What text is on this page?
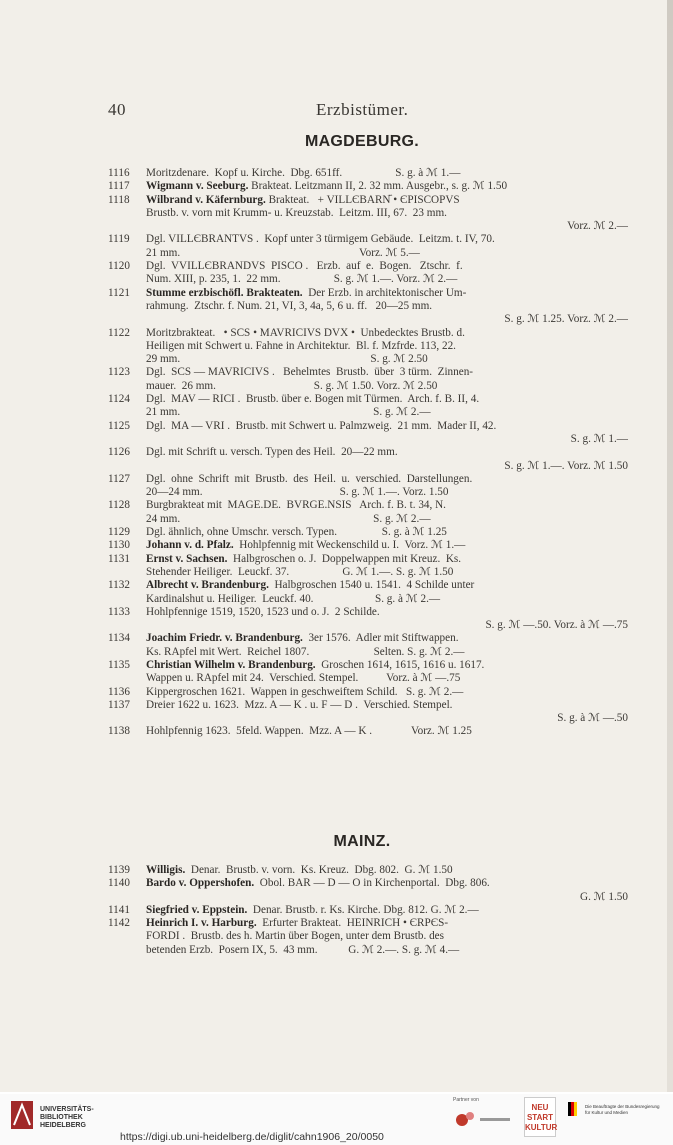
40	Erzbistümer.
MAGDEBURG.
1116 Moritzdenare.  Kopf u. Kirche.  Dbg. 651ff.                   S. g. à ℳ 1.—
1117 Wigmann v. Seeburg. Brakteat. Leitzmann II, 2. 32 mm. Ausgebr., s. g. ℳ 1.50
1118 Wilbrand v. Käfernburg. Brakteat.   + VILLЄBARN᷈ • ЄPISCOPVS
Brustb. v. vorn mit Krumm- u. Kreuzstab.  Leitzm. III, 67.  23 mm.
Vorz. ℳ 2.—
1119 Dgl. VILLЄBRANTVS .  Kopf unter 3 türmigem Gebäude.  Leitzm. t. IV, 70.
21 mm.                                                                Vorz. ℳ 5.—
1120 Dgl.  VVILLЄBRANDVS  PISCO .   Erzb.  auf  e.  Bogen.   Ztschr.  f.
Num. XIII, p. 235, 1.  22 mm.                   S. g. ℳ 1.—. Vorz. ℳ 2.—
1121 Stumme erzbischöfl. Brakteaten.  Der Erzb. in architektonischer Um-
rahmung.  Ztschr. f. Num. 21, VI, 3, 4a, 5, 6 u. ff.   20—25 mm.
S. g. ℳ 1.25. Vorz. ℳ 2.—
1122 Moritzbrakteat.   • SCS • MAVRICIVS DVX •  Unbedecktes Brustb. d.
Heiligen mit Schwert u. Fahne in Architektur.  Bl. f. Mzfrde. 113, 22.
29 mm.                                                                    S. g. ℳ 2.50
1123 Dgl.  SCS — MAVRICIVS .   Behelmtes  Brustb.  über  3 türm.  Zinnen-
mauer.  26 mm.                                   S. g. ℳ 1.50. Vorz. ℳ 2.50
1124 Dgl.  MAV — RICI .  Brustb. über e. Bogen mit Türmen.  Arch. f. B. II, 4.
21 mm.                                                                     S. g. ℳ 2.—
1125 Dgl.  MA — VRI .  Brustb. mit Schwert u. Palmzweig.  21 mm.  Mader II, 42.
S. g. ℳ 1.—
1126 Dgl. mit Schrift u. versch. Typen des Heil.  20—22 mm.
S. g. ℳ 1.—. Vorz. ℳ 1.50
1127 Dgl.  ohne  Schrift  mit  Brustb.  des  Heil.  u.  verschied.  Darstellungen.
20—24 mm.                                                 S. g. ℳ 1.—. Vorz. 1.50
1128 Burgbrakteat mit  MAGE.DE.  BVRGE.NSIS   Arch. f. B. t. 34, N.
24 mm.                                                                     S. g. ℳ 2.—
1129 Dgl. ähnlich, ohne Umschr. versch. Typen.                S. g. à ℳ 1.25
1130 Johann v. d. Pfalz.  Hohlpfennig mit Weckenschild u. I.  Vorz. ℳ 1.—
1131 Ernst v. Sachsen.  Halbgroschen o. J.  Doppelwappen mit Kreuz.  Ks.
Stehender Heiliger.  Leuckf. 37.                   G. ℳ 1.—. S. g. ℳ 1.50
1132 Albrecht v. Brandenburg.  Halbgroschen 1540 u. 1541.  4 Schilde unter
Kardinalshut u. Heiliger.  Leuckf. 40.                      S. g. à ℳ 2.—
1133 Hohlpfennige 1519, 1520, 1523 und o. J.  2 Schilde.
S. g. ℳ —.50. Vorz. à ℳ —.75
1134 Joachim Friedr. v. Brandenburg.  3er 1576.  Adler mit Stiftwappen.
Ks. RApfel mit Wert.  Reichel 1807.                       Selten. S. g. ℳ 2.—
1135 Christian Wilhelm v. Brandenburg.  Groschen 1614, 1615, 1616 u. 1617.
Wappen u. RApfel mit 24.  Verschied. Stempel.          Vorz. à ℳ —.75
1136 Kippergroschen 1621.  Wappen in geschweiftem Schild.   S. g. ℳ 2.—
1137 Dreier 1622 u. 1623.  Mzz. A — K . u. F — D .  Verschied. Stempel.
S. g. à ℳ —.50
1138 Hohlpfennig 1623.  5feld. Wappen.  Mzz. A — K .              Vorz. ℳ 1.25
MAINZ.
1139 Willigis.  Denar.  Brustb. v. vorn.  Ks. Kreuz.  Dbg. 802.  G. ℳ 1.50
1140 Bardo v. Oppershofen.  Obol. BAR — D — O in Kirchenportal.  Dbg. 806.
G. ℳ 1.50
1141 Siegfried v. Eppstein.  Denar. Brustb. r. Ks. Kirche. Dbg. 812. G. ℳ 2.—
1142 Heinrich I. v. Harburg.  Erfurter Brakteat.  HEINRICH • ЄRPЄS-
FORDI .  Brustb. des h. Martin über Bogen, unter dem Brustb. des
betenden Erzb.  Posern IX, 5.  43 mm.           G. ℳ 2.—. S. g. ℳ 4.—
UNIVERSITÄTS-
BIBLIOTHEK
HEIDELBERG
https://digi.ub.uni-heidelberg.de/diglit/cahn1906_20/0050
Partner von
NEU
START
KULTUR
Die Beauftragte der Bundesregierung
für Kultur und Medien
